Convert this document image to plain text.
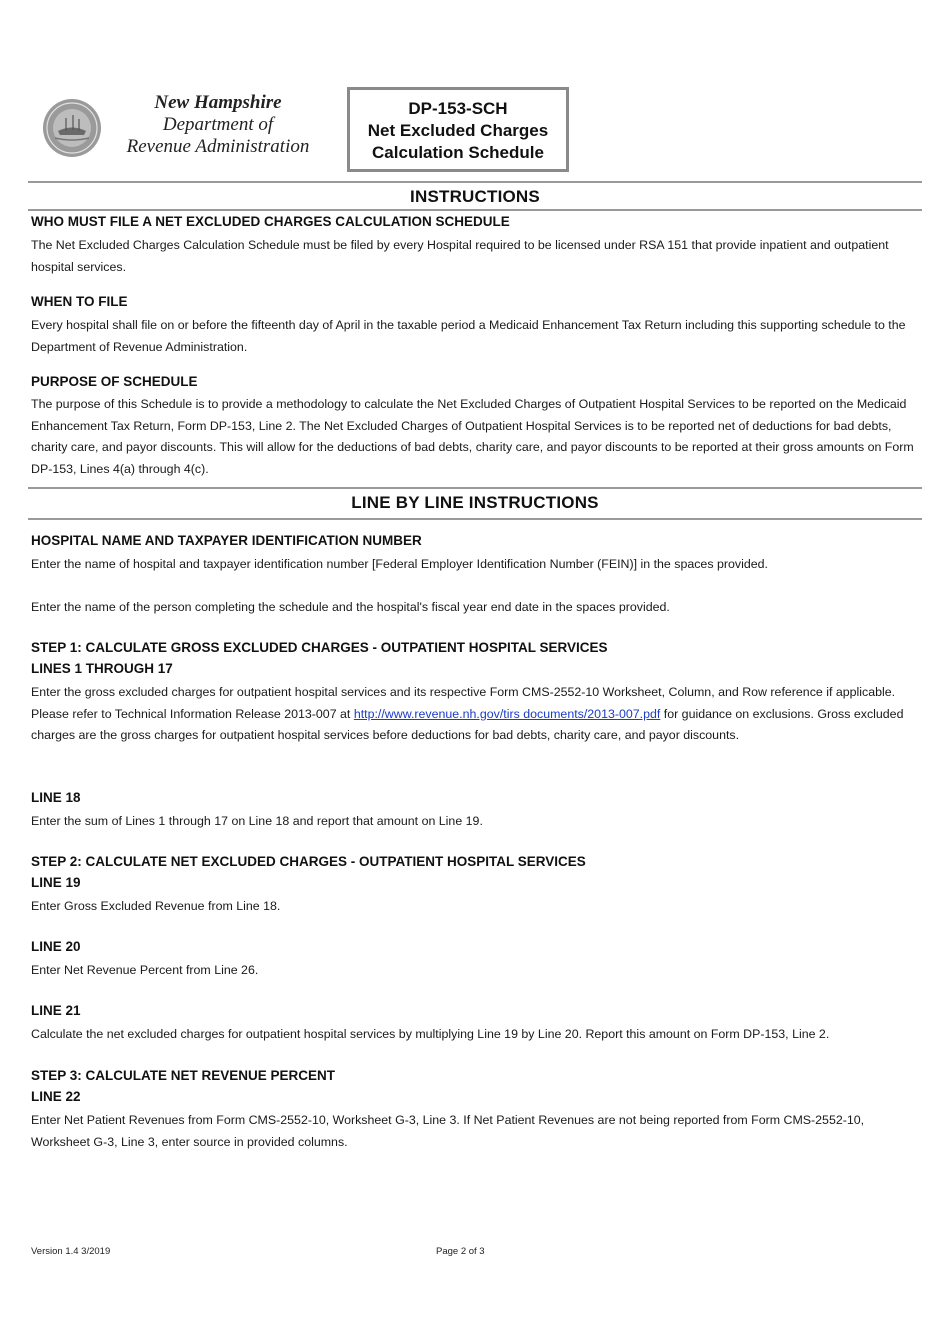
New Hampshire
Department of
Revenue Administration
DP-153-SCH
Net Excluded Charges
Calculation Schedule
INSTRUCTIONS
WHO MUST FILE A NET EXCLUDED CHARGES CALCULATION SCHEDULE
The Net Excluded Charges Calculation Schedule must be filed by every Hospital required to be licensed under RSA 151 that provide inpatient and outpatient hospital services.
WHEN TO FILE
Every hospital shall file on or before the fifteenth day of April in the taxable period a Medicaid Enhancement Tax Return including this supporting schedule to the Department of Revenue Administration.
PURPOSE OF SCHEDULE
The purpose of this Schedule is to provide a methodology to calculate the Net Excluded Charges of Outpatient Hospital Services to be reported on the Medicaid Enhancement Tax Return, Form DP-153, Line 2. The Net Excluded Charges of Outpatient Hospital Services is to be reported net of deductions for bad debts, charity care, and payor discounts. This will allow for the deductions of bad debts, charity care, and payor discounts to be reported at their gross amounts on Form DP-153, Lines 4(a) through 4(c).
LINE BY LINE INSTRUCTIONS
HOSPITAL NAME AND TAXPAYER IDENTIFICATION NUMBER
Enter the name of hospital and taxpayer identification number [Federal Employer Identification Number (FEIN)] in the spaces provided.
Enter the name of the person completing the schedule and the hospital's fiscal year end date in the spaces provided.
STEP 1: CALCULATE GROSS EXCLUDED CHARGES - OUTPATIENT HOSPITAL SERVICES
LINES 1 THROUGH 17
Enter the gross excluded charges for outpatient hospital services and its respective Form CMS-2552-10 Worksheet, Column, and Row reference if applicable. Please refer to Technical Information Release 2013-007 at http://www.revenue.nh.gov/tirs documents/2013-007.pdf for guidance on exclusions. Gross excluded charges are the gross charges for outpatient hospital services before deductions for bad debts, charity care, and payor discounts.
LINE 18
Enter the sum of Lines 1 through 17 on Line 18 and report that amount on Line 19.
STEP 2: CALCULATE NET EXCLUDED CHARGES - OUTPATIENT HOSPITAL SERVICES
LINE 19
Enter Gross Excluded Revenue from Line 18.
LINE 20
Enter Net Revenue Percent from Line 26.
LINE 21
Calculate the net excluded charges for outpatient hospital services by multiplying Line 19 by Line 20. Report this amount on Form DP-153, Line 2.
STEP 3: CALCULATE NET REVENUE PERCENT
LINE 22
Enter Net Patient Revenues from Form CMS-2552-10, Worksheet G-3, Line 3. If Net Patient Revenues are not being reported from Form CMS-2552-10, Worksheet G-3, Line 3, enter source in provided columns.
Version 1.4 3/2019	Page 2 of 3
